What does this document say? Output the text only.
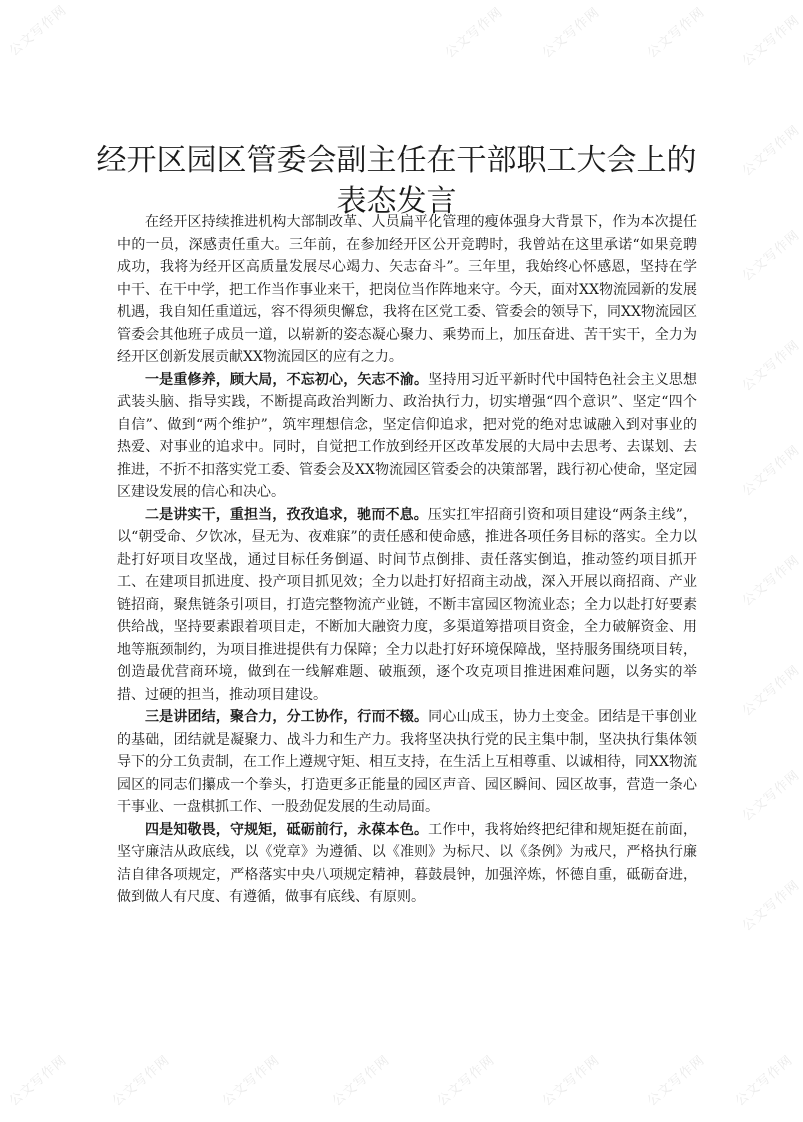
经开区园区管委会副主任在干部职工大会上的表态发言

在经开区持续推进机构大部制改革、人员扁平化管理的瘦体强身大背景下，作为本次提任中的一员，深感责任重大。三年前，在参加经开区公开竞聘时，我曾站在这里承诺“如果竞聘成功，我将为经开区高质量发展尽心竭力、矢志奋斗”。三年里，我始终心怀感恩，坚持在学中干、在干中学，把工作当作事业来干，把岗位当作阵地来守。今天，面对XX物流园新的发展机遇，我自知任重道远，容不得须臾懈怠，我将在区党工委、管委会的领导下，同XX物流园区管委会其他班子成员一道，以崭新的姿态凝心聚力、乘势而上，加压奋进、苦干实干，全力为经开区创新发展贡献XX物流园区的应有之力。

一是重修养，顾大局，不忘初心，矢志不渝。坚持用习近平新时代中国特色社会主义思想武装头脑、指导实践，不断提高政治判断力、政治执行力，切实增强“四个意识”、坚定“四个自信”、做到“两个维护”，筑牢理想信念，坚定信仰追求，把对党的绝对忠诚融入到对事业的热爱、对事业的追求中。同时，自觉把工作放到经开区改革发展的大局中去思考、去谋划、去推进，不折不扣落实党工委、管委会及XX物流园区管委会的决策部署，践行初心使命，坚定园区建设发展的信心和决心。

二是讲实干，重担当，孜孜追求，驰而不息。压实扛牢招商引资和项目建设“两条主线”，以“朝受命、夕饮冰，昼无为、夜难寐”的责任感和使命感，推进各项任务目标的落实。全力以赴打好项目攻坚战，通过目标任务倒逼、时间节点倒排、责任落实倒追，推动签约项目抓开工、在建项目抓进度、投产项目抓见效；全力以赴打好招商主动战，深入开展以商招商、产业链招商，聚焦链条引项目，打造完整物流产业链，不断丰富园区物流业态；全力以赴打好要素供给战，坚持要素跟着项目走，不断加大融资力度，多渠道筹措项目资金，全力破解资金、用地等瓶颈制约，为项目推进提供有力保障；全力以赴打好环境保障战，坚持服务围绕项目转，创造最优营商环境，做到在一线解难题、破瓶颈，逐个攻克项目推进困难问题，以务实的举措、过硬的担当，推动项目建设。

三是讲团结，聚合力，分工协作，行而不辍。同心山成玉，协力土变金。团结是干事创业的基础，团结就是凝聚力、战斗力和生产力。我将坚决执行党的民主集中制，坚决执行集体领导下的分工负责制，在工作上遵规守矩、相互支持，在生活上互相尊重、以诚相待，同XX物流园区的同志们攥成一个拳头，打造更多正能量的园区声音、园区瞬间、园区故事，营造一条心干事业、一盘棋抓工作、一股劲促发展的生动局面。

四是知敬畏，守规矩，砥砺前行，永葆本色。工作中，我将始终把纪律和规矩挺在前面，坚守廉洁从政底线，以《党章》为遵循、以《准则》为标尺、以《条例》为戒尺，严格执行廉洁自律各项规定，严格落实中央八项规定精神，暮鼓晨钟，加强淬炼，怀德自重，砥砺奋进，做到做人有尺度、有遵循，做事有底线、有原则。

公文写作网	公文写作网	公文写作网	公文写作网 公文写作网
公文写作网
公文写作网
公文写作网
公文写作网
公文写作网
公文写作网
公文写作网
公文写作网
公文写作网	公文写作网	公文写作网	公文写作网	公文写作网	公文写作网	公文写作网 公文写作网
